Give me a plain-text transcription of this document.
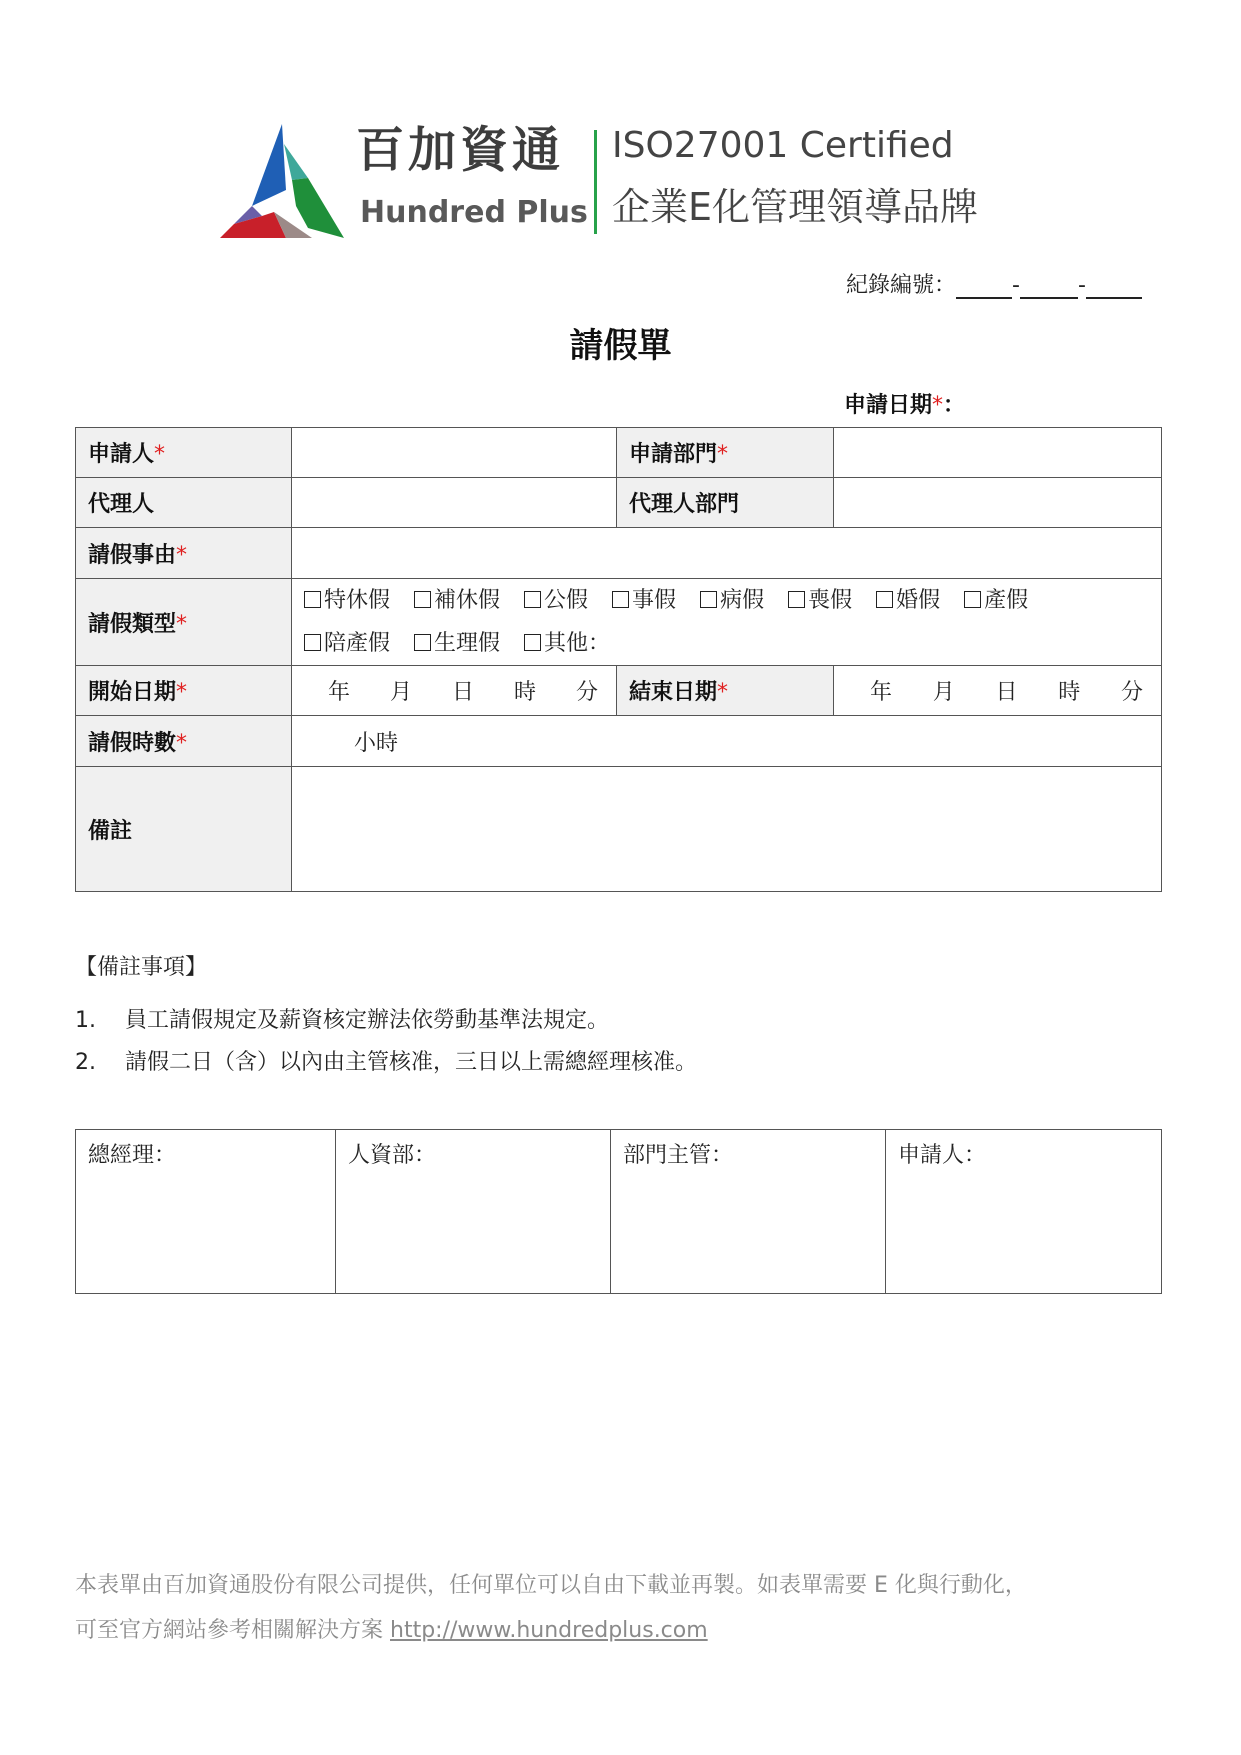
百加資通
Hundred Plus
ISO27001 Certified
企業E化管理領導品牌
紀錄編號：	-	-
請假單
申請日期*：
申請人*		申請部門*	
代理人		代理人部門	
請假事由*			
請假類型*	特休假 補休假 公假 事假 病假 喪假 婚假 產假
陪產假 生理假 其他：		
開始日期*	年 月 日 時 分	結束日期*	年 月 日 時 分

請假時數*	小時		
備註			
【備註事項】
1. 員工請假規定及薪資核定辦法依勞動基準法規定。
2. 請假二日（含）以內由主管核准，三日以上需總經理核准。
總經理：	人資部：	部門主管：	申請人：
本表單由百加資通股份有限公司提供，任何單位可以自由下載並再製。如表單需要 E 化與行動化，
可至官方網站參考相關解決方案 http://www.hundredplus.com
